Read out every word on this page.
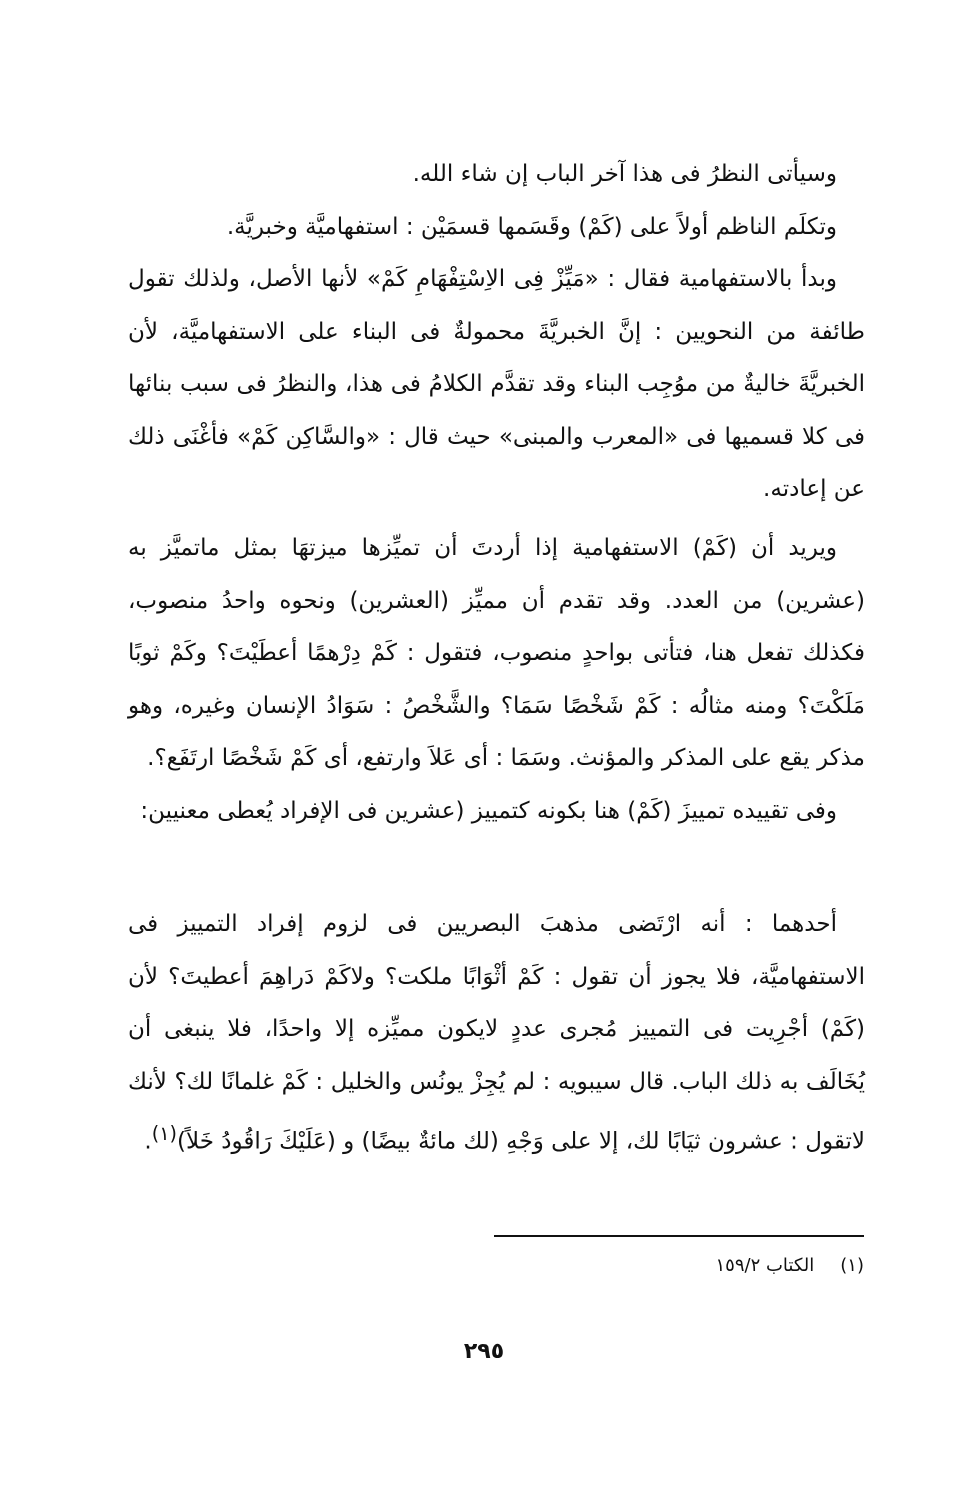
وسيأتى النظرُ فى هذا آخر الباب إن شاء الله.

وتكلَم الناظم أولاً على (كَمْ) وقَسَمها قسمَيْن : استفهاميَّة وخبريَّة.

وبدأ بالاستفهامية فقال : «مَيِّزْ فِى الاِسْتِفْهَامِ كَمْ» لأنها الأصل، ولذلك تقول طائفة من النحويين : إنَّ الخبريَّةَ محمولةٌ فى البناء على الاستفهاميَّة، لأن الخبريَّةَ خاليةٌ من موُجِب البناء وقد تقدَّم الكلامُ فى هذا، والنظرُ فى سبب بنائها فى كلا قسميها فى «المعرب والمبنى» حيث قال : «والسَّاكِن كَمْ» فأغْنَى ذلك عن إعادته.

ويريد أن (كَمْ) الاستفهامية إذا أردتَ أن تميِّزها ميزتهَا بمثل ماتميَّز به (عشرين) من العدد. وقد تقدم أن مميِّز (العشرين) ونحوه واحدُ منصوب، فكذلك تفعل هنا، فتأتى بواحدٍ منصوب، فتقول : كَمْ دِرْهمًا أعطَيْتَ؟ وكَمْ ثوبًا مَلَكْتَ؟ ومنه مثالُه : كَمْ شَخْصًا سَمَا؟ والشَّخْصُ : سَوَادُ الإنسان وغيره، وهو مذكر يقع على المذكر والمؤنث. وسَمَا : أى عَلاَ وارتفع، أى كَمْ شَخْصًا ارتَفَع؟.

وفى تقييده تمييزَ (كَمْ) هنا بكونه كتمييز (عشرين فى الإفراد يُعطى معنيين:

أحدهما : أنه ارْتَضى مذهبَ البصريين فى لزوم إفراد التمييز فى الاستفهاميَّة، فلا يجوز أن تقول : كَمْ أثْوَابًا ملكت؟ ولاكَمْ دَراهِمَ أعطيتَ؟ لأن (كَمْ) أجْرِيت فى التمييز مُجرى عددٍ لايكون مميِّزه إلا واحدًا، فلا ينبغى أن يُخَالَف به ذلك الباب. قال سيبويه : لم يُجِزْ يونُس والخليل : كَمْ غلمانًا لك؟ لأنك لاتقول : عشرون ثيَابًا لك، إلا على وَجْهِ (لك مائةٌ بيضًا) و (عَلَيْكَ رَاقُودُ خَلاً)$^{(١)}$.

(١)الكتاب ١٥٩/٢
٢٩٥
